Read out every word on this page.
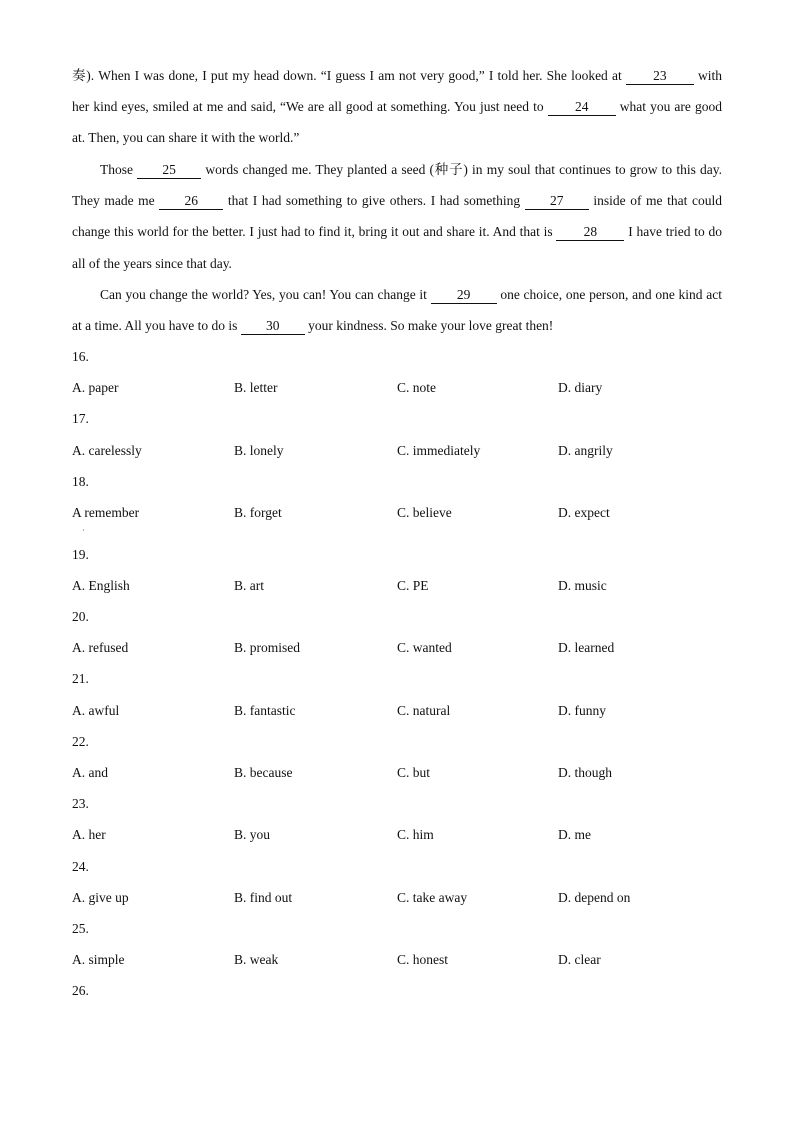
奏). When I was done, I put my head down. “I guess I am not very good,” I told her. She looked at 23 with her kind eyes, smiled at me and said, “We are all good at something. You just need to 24 what you are good at. Then, you can share it with the world.”
Those 25 words changed me. They planted a seed (种子) in my soul that continues to grow to this day. They made me 26 that I had something to give others. I had something 27 inside of me that could change this world for the better. I just had to find it, bring it out and share it. And that is 28 I have tried to do all of the years since that day.
Can you change the world? Yes, you can! You can change it 29 one choice, one person, and one kind act at a time. All you have to do is 30 your kindness. So make your love great then!
16.
A. paper	B. letter	C. note	D. diary
17.
A. carelessly	B. lonely	C. immediately	D. angrily
18.
A remember	B. forget	C. believe	D. expect
·
19.
A. English	B. art	C. PE	D. music
20.
A. refused	B. promised	C. wanted	D. learned
21.
A. awful	B. fantastic	C. natural	D. funny
22.
A. and	B. because	C. but	D. though
23.
A. her	B. you	C. him	D. me
24.
A. give up	B. find out	C. take away	D. depend on
25.
A. simple	B. weak	C. honest	D. clear
26.
